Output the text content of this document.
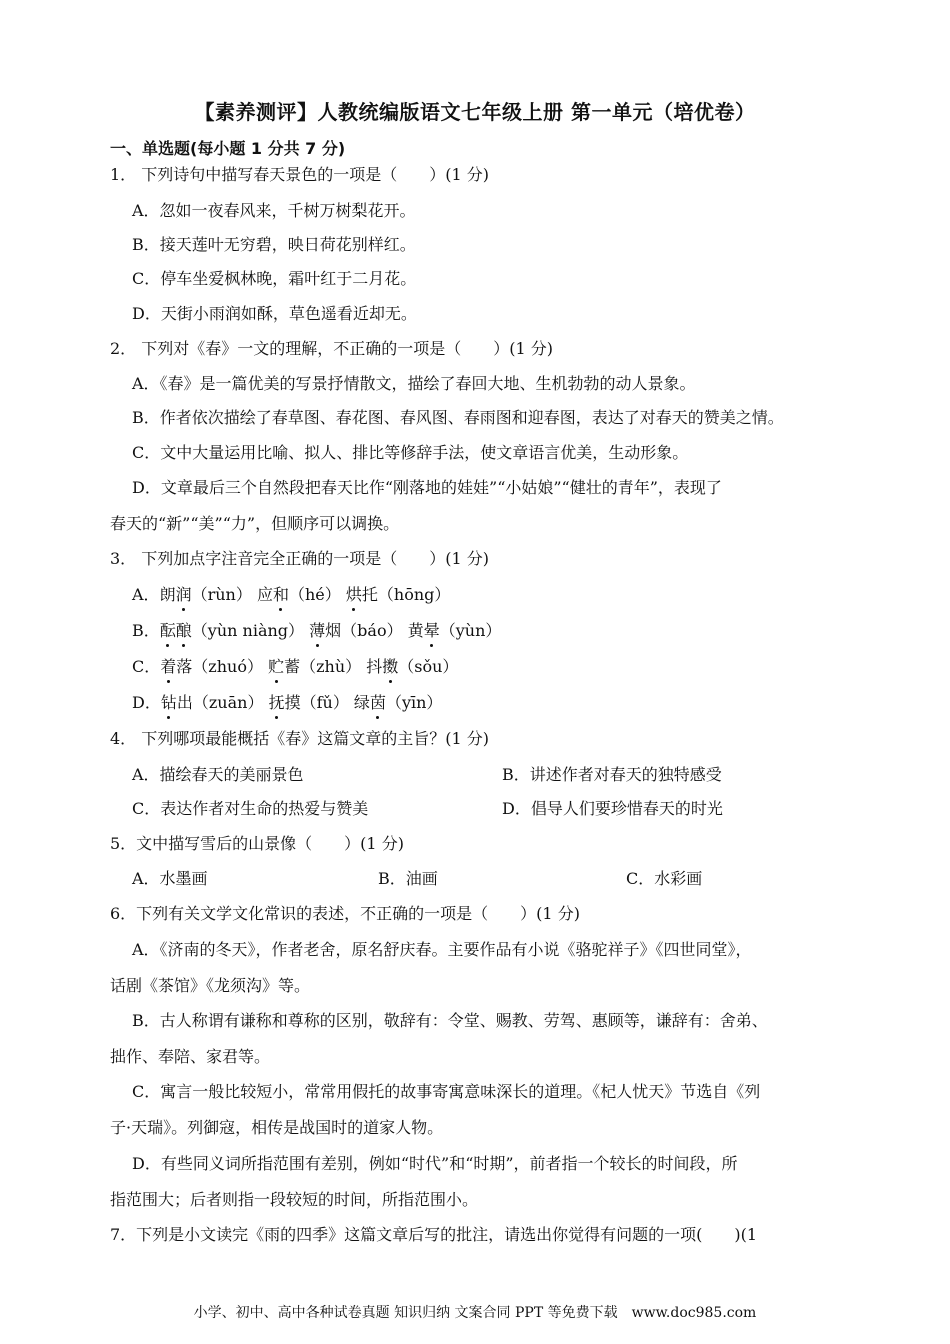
【素养测评】人教统编版语文七年级上册 第一单元（培优卷）
一、单选题(每小题 1 分共 7 分)
1． 下列诗句中描写春天景色的一项是（　　）(1 分)
A．忽如一夜春风来，千树万树梨花开。
B．接天莲叶无穷碧，映日荷花别样红。
C．停车坐爱枫林晚，霜叶红于二月花。
D．天街小雨润如酥，草色遥看近却无。
2． 下列对《春》一文的理解，不正确的一项是（　　）(1 分)
A．《春》是一篇优美的写景抒情散文，描绘了春回大地、生机勃勃的动人景象。
B．作者依次描绘了春草图、春花图、春风图、春雨图和迎春图，表达了对春天的赞美之情。
C．文中大量运用比喻、拟人、排比等修辞手法，使文章语言优美，生动形象。
D．文章最后三个自然段把春天比作“刚落地的娃娃”“小姑娘”“健壮的青年”，表现了
春天的“新”“美”“力”，但顺序可以调换。
3． 下列加点字注音完全正确的一项是（　　）(1 分)
A．朗润（rùn） 应和（hé） 烘托（hōng）
B．酝酿（yùn niàng） 薄烟（báo） 黄晕（yùn）
C．着落（zhuó） 贮蓄（zhù） 抖擞（sǒu）
D．钻出（zuān） 抚摸（fǔ） 绿茵（yīn）
4． 下列哪项最能概括《春》这篇文章的主旨？(1 分)
A．描绘春天的美丽景色	B．讲述作者对春天的独特感受
C．表达作者对生命的热爱与赞美	D．倡导人们要珍惜春天的时光
5．文中描写雪后的山景像（　　）(1 分)
A．水墨画	B．油画	C．水彩画
6．下列有关文学文化常识的表述，不正确的一项是（　　）(1 分)
A．《济南的冬天》，作者老舍，原名舒庆春。主要作品有小说《骆驼祥子》《四世同堂》，
话剧《茶馆》《龙须沟》等。
B．古人称谓有谦称和尊称的区别，敬辞有：令堂、赐教、劳驾、惠顾等，谦辞有：舍弟、
拙作、奉陪、家君等。
C．寓言一般比较短小，常常用假托的故事寄寓意味深长的道理。《杞人忧天》节选自《列
子·天瑞》。列御寇，相传是战国时的道家人物。
D．有些同义词所指范围有差别，例如“时代”和“时期”，前者指一个较长的时间段，所
指范围大；后者则指一段较短的时间，所指范围小。
7．下列是小文读完《雨的四季》这篇文章后写的批注，请选出你觉得有问题的一项(　　)(1
小学、初中、高中各种试卷真题 知识归纳 文案合同 PPT 等免费下载　www.doc985.com
